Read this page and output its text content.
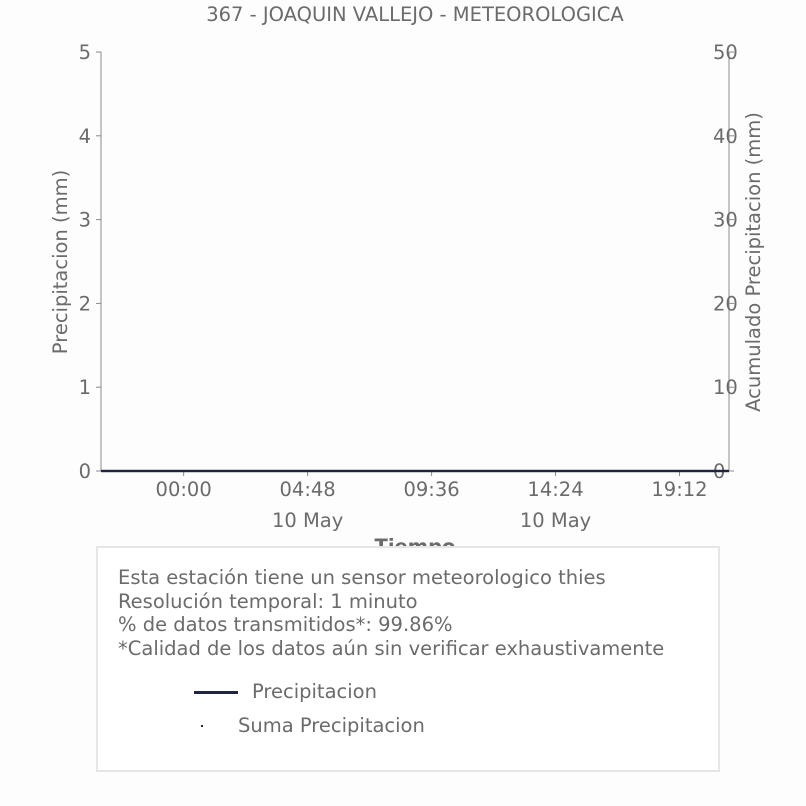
367 - JOAQUIN VALLEJO - METEOROLOGICA
0
1
2
3
4
5
0
10
20
30
40
50
00:00	04:48
10 May
09:36	14:24
10 May
19:12
Precipitacion (mm)	Acumulado Precipitacion (mm)
Esta estación tiene un sensor meteorologico thies
Resolución temporal: 1 minuto
% de datos transmitidos*: 99.86%
*Calidad de los datos aún sin verificar exhaustivamente
Precipitacion
Suma Precipitacion
